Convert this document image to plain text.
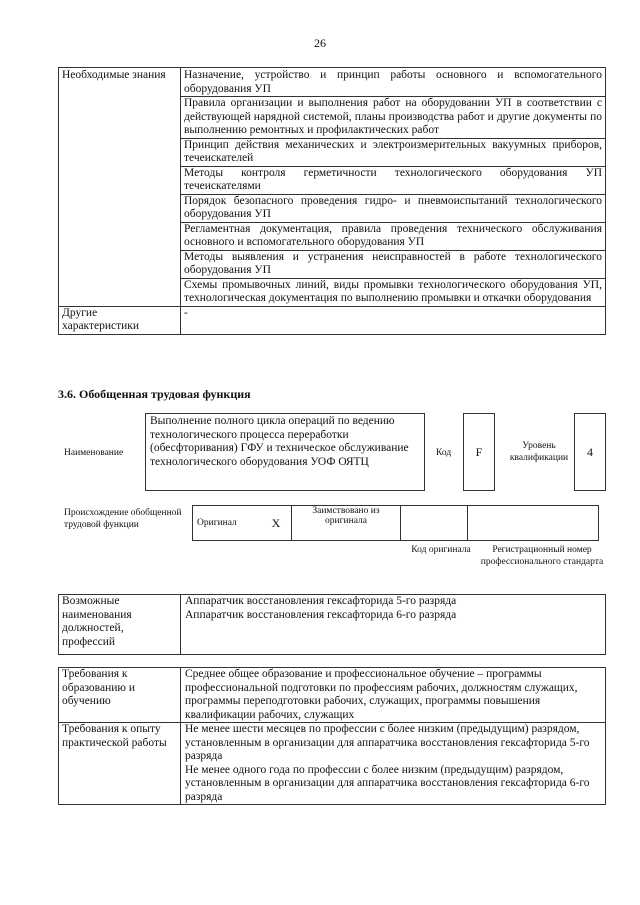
26
Необходимые знания	Назначение, устройство и принцип работы основного и вспомогательного оборудования УП
	Правила организации и выполнения работ на оборудовании УП в соответствии с действующей нарядной системой, планы производства работ и другие документы по выполнению ремонтных и профилактических работ
	Принцип действия механических и электроизмерительных вакуумных приборов, течеискателей
	Методы контроля герметичности технологического оборудования УП течеискателями
	Порядок безопасного проведения гидро- и пневмоиспытаний технологического оборудования УП
	Регламентная документация, правила проведения технического обслуживания основного и вспомогательного оборудования УП
	Методы выявления и устранения неисправностей в работе технологического оборудования УП
	Схемы промывочных линий, виды промывки технологического оборудования УП, технологическая документация по выполнению промывки и откачки оборудования
Другие характеристики	-
3.6. Обобщенная трудовая функция
Наименование
Выполнение полного цикла операций по ведению технологического процесса переработки (обесфторивания) ГФУ и техническое обслуживание технологического оборудования УОФ ОЯТЦ
Код	F	Уровень квалификации	4
Происхождение обобщенной трудовой функции	Оригинал	X	Заимствовано из оригинала		
Код оригинала	Регистрационный номер профессионального стандарта
Возможные наименования должностей, профессий	
Аппаратчик восстановления гексафторида 5-го разряда
Аппаратчик восстановления гексафторида 6-го разряда
Требования к образованию и обучению	Среднее общее образование и профессиональное обучение – программы профессиональной подготовки по профессиям рабочих, должностям служащих, программы переподготовки рабочих, служащих, программы повышения квалификации рабочих, служащих
Требования к опыту практической работы	Не менее шести месяцев по профессии с более низким (предыдущим) разрядом, установленным в организации для аппаратчика восстановления гексафторида 5-го разряда
Не менее одного года по профессии с более низким (предыдущим) разрядом, установленным в организации для аппаратчика восстановления гексафторида 6-го разряда
